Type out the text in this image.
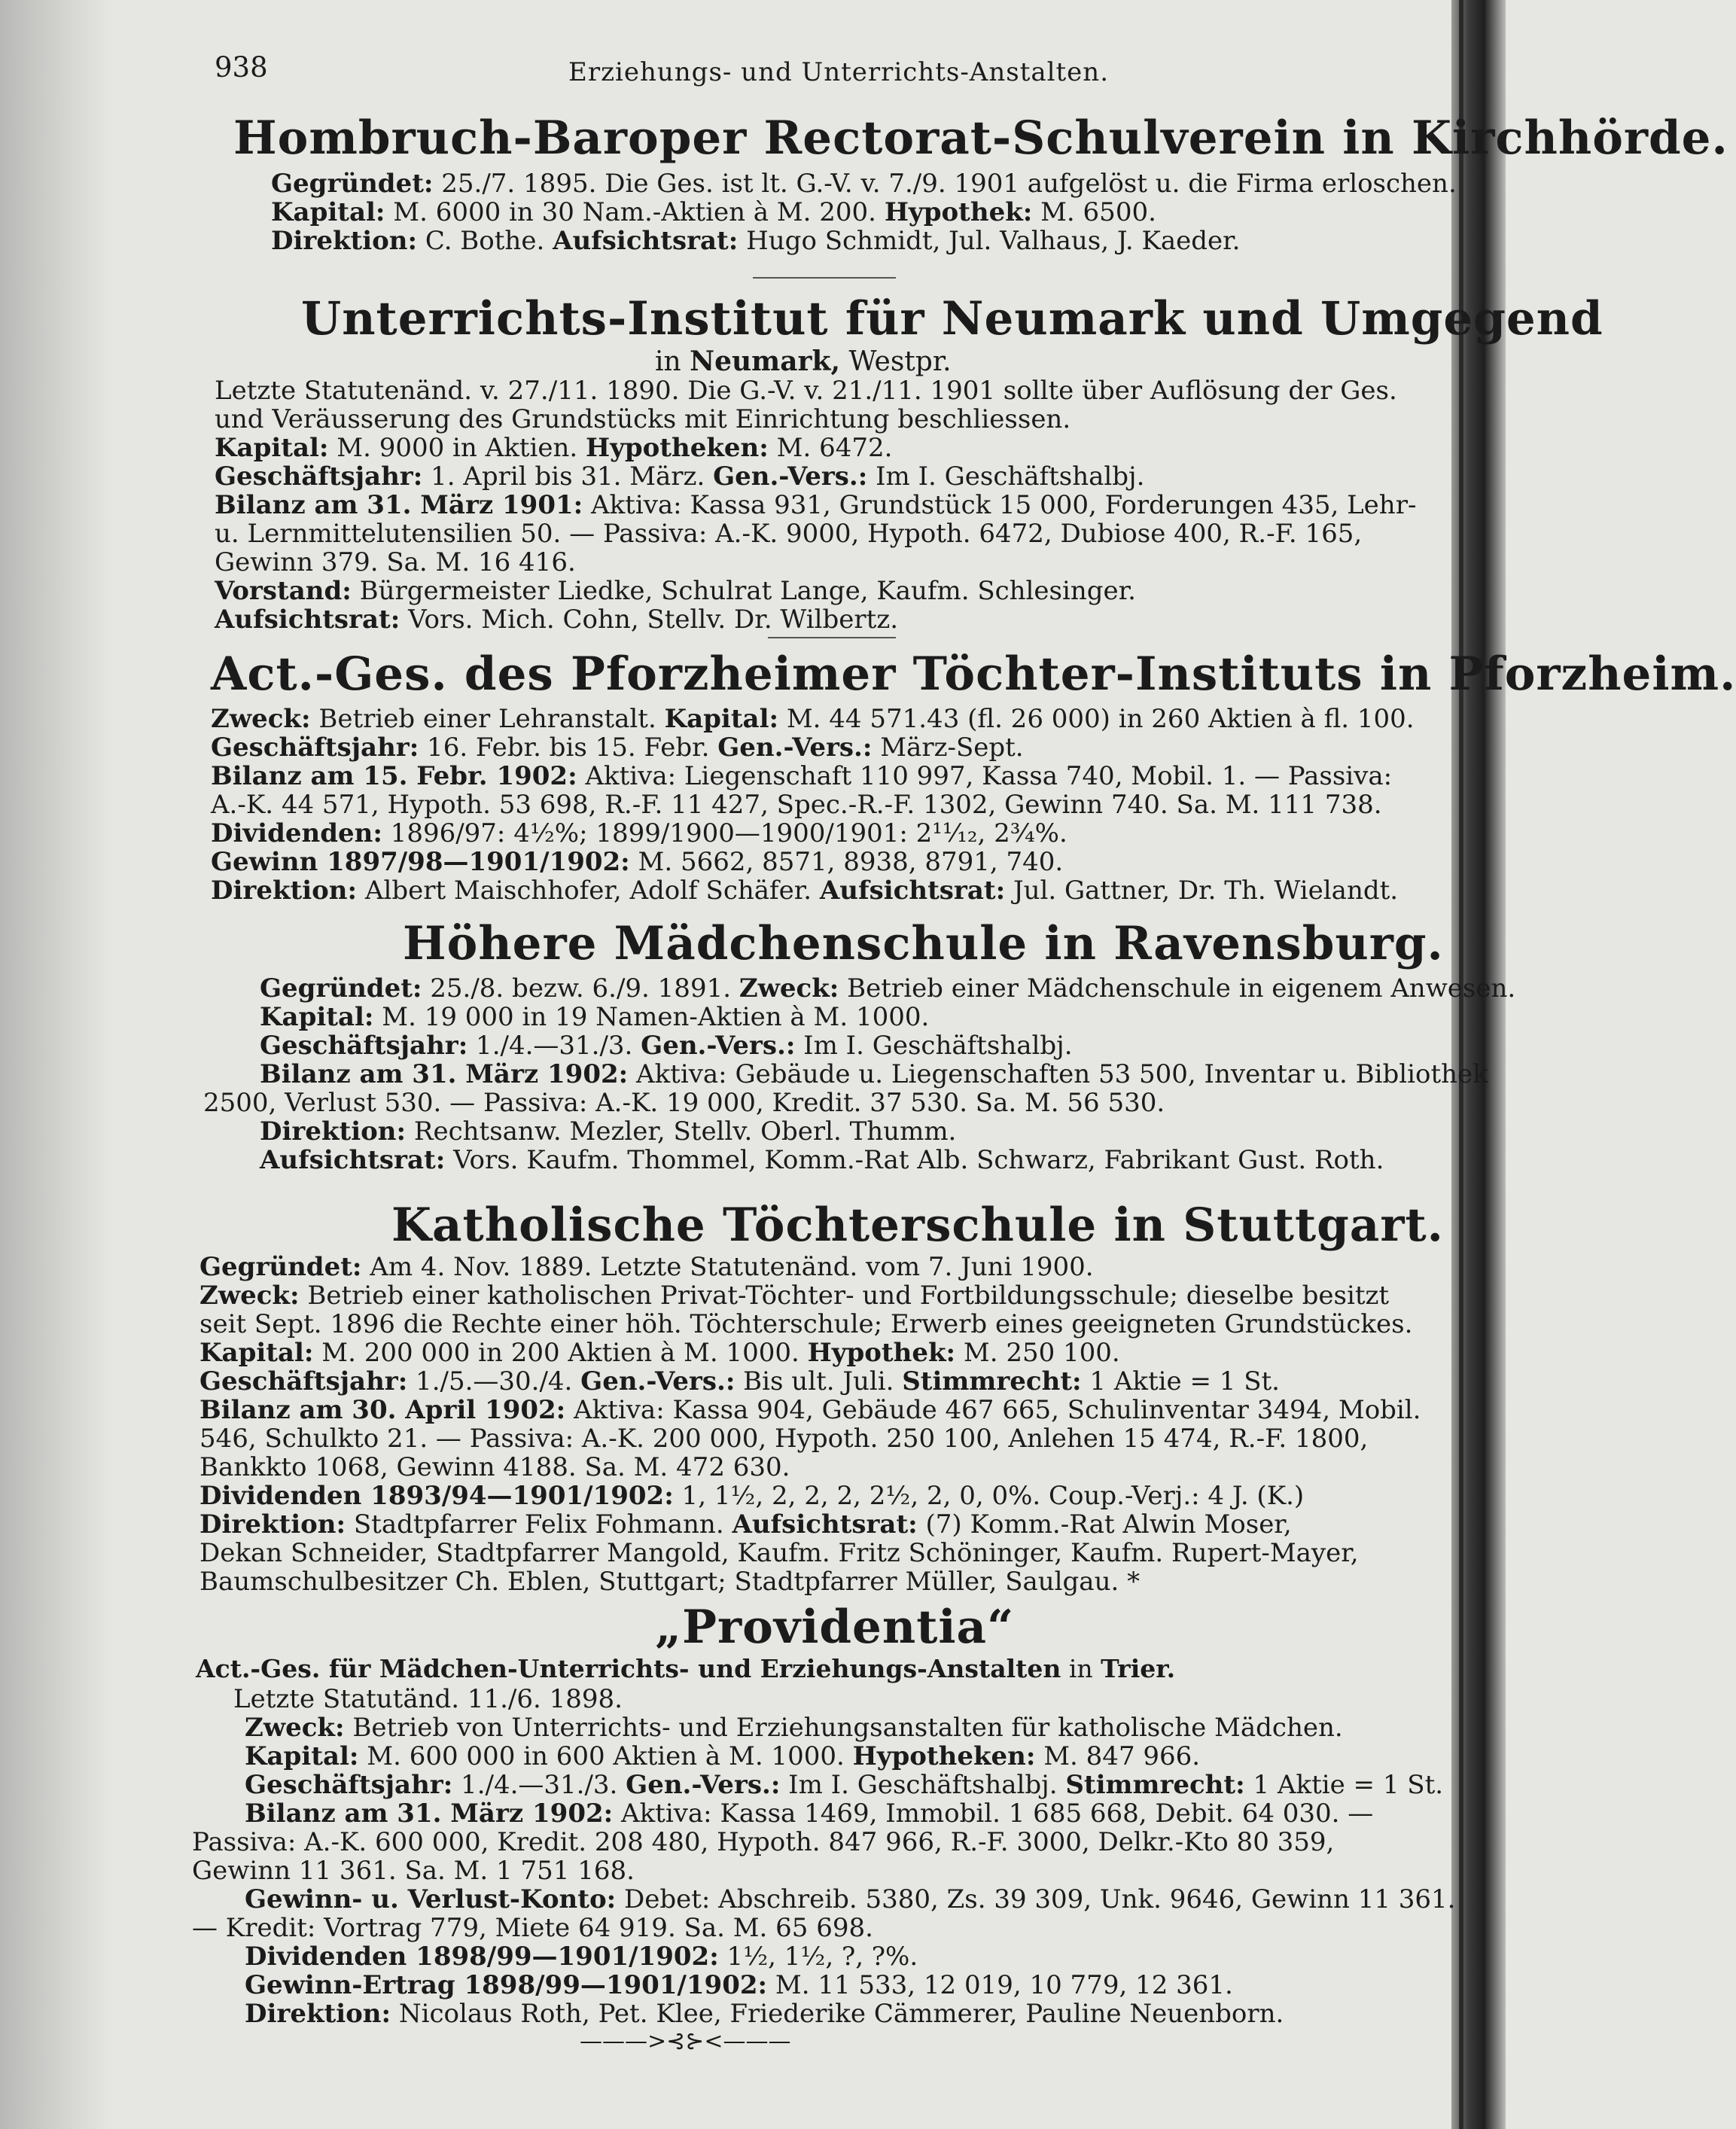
938	Erziehungs- und Unterrichts-Anstalten.
Hombruch-Baroper Rectorat-Schulverein in Kirchhörde.
Gegründet: 25./7. 1895. Die Ges. ist lt. G.-V. v. 7./9. 1901 aufgelöst u. die Firma erloschen.
Kapital: M. 6000 in 30 Nam.-Aktien à M. 200. Hypothek: M. 6500.
Direktion: C. Bothe. Aufsichtsrat: Hugo Schmidt, Jul. Valhaus, J. Kaeder.
Unterrichts-Institut für Neumark und Umgegend
in Neumark, Westpr.
Letzte Statutenänd. v. 27./11. 1890. Die G.-V. v. 21./11. 1901 sollte über Auflösung der Ges.
und Veräusserung des Grundstücks mit Einrichtung beschliessen.
Kapital: M. 9000 in Aktien. Hypotheken: M. 6472.
Geschäftsjahr: 1. April bis 31. März. Gen.-Vers.: Im I. Geschäftshalbj.
Bilanz am 31. März 1901: Aktiva: Kassa 931, Grundstück 15 000, Forderungen 435, Lehr-
u. Lernmittelutensilien 50. — Passiva: A.-K. 9000, Hypoth. 6472, Dubiose 400, R.-F. 165,
Gewinn 379. Sa. M. 16 416.
Vorstand: Bürgermeister Liedke, Schulrat Lange, Kaufm. Schlesinger.
Aufsichtsrat: Vors. Mich. Cohn, Stellv. Dr. Wilbertz.
Act.-Ges. des Pforzheimer Töchter-Instituts in Pforzheim.
Zweck: Betrieb einer Lehranstalt. Kapital: M. 44 571.43 (fl. 26 000) in 260 Aktien à fl. 100.
Geschäftsjahr: 16. Febr. bis 15. Febr. Gen.-Vers.: März-Sept.
Bilanz am 15. Febr. 1902: Aktiva: Liegenschaft 110 997, Kassa 740, Mobil. 1. — Passiva:
A.-K. 44 571, Hypoth. 53 698, R.-F. 11 427, Spec.-R.-F. 1302, Gewinn 740. Sa. M. 111 738.
Dividenden: 1896/97: 4½%; 1899/1900—1900/1901: 2¹¹⁄₁₂, 2¾%.
Gewinn 1897/98—1901/1902: M. 5662, 8571, 8938, 8791, 740.
Direktion: Albert Maischhofer, Adolf Schäfer. Aufsichtsrat: Jul. Gattner, Dr. Th. Wielandt.
Höhere Mädchenschule in Ravensburg.
Gegründet: 25./8. bezw. 6./9. 1891. Zweck: Betrieb einer Mädchenschule in eigenem Anwesen.
Kapital: M. 19 000 in 19 Namen-Aktien à M. 1000.
Geschäftsjahr: 1./4.—31./3. Gen.-Vers.: Im I. Geschäftshalbj.
Bilanz am 31. März 1902: Aktiva: Gebäude u. Liegenschaften 53 500, Inventar u. Bibliothek
2500, Verlust 530. — Passiva: A.-K. 19 000, Kredit. 37 530. Sa. M. 56 530.
Direktion: Rechtsanw. Mezler, Stellv. Oberl. Thumm.
Aufsichtsrat: Vors. Kaufm. Thommel, Komm.-Rat Alb. Schwarz, Fabrikant Gust. Roth.
Katholische Töchterschule in Stuttgart.
Gegründet: Am 4. Nov. 1889. Letzte Statutenänd. vom 7. Juni 1900.
Zweck: Betrieb einer katholischen Privat-Töchter- und Fortbildungsschule; dieselbe besitzt
seit Sept. 1896 die Rechte einer höh. Töchterschule; Erwerb eines geeigneten Grundstückes.
Kapital: M. 200 000 in 200 Aktien à M. 1000. Hypothek: M. 250 100.
Geschäftsjahr: 1./5.—30./4. Gen.-Vers.: Bis ult. Juli. Stimmrecht: 1 Aktie = 1 St.
Bilanz am 30. April 1902: Aktiva: Kassa 904, Gebäude 467 665, Schulinventar 3494, Mobil.
546, Schulkto 21. — Passiva: A.-K. 200 000, Hypoth. 250 100, Anlehen 15 474, R.-F. 1800,
Bankkto 1068, Gewinn 4188. Sa. M. 472 630.
Dividenden 1893/94—1901/1902: 1, 1½, 2, 2, 2, 2½, 2, 0, 0%. Coup.-Verj.: 4 J. (K.)
Direktion: Stadtpfarrer Felix Fohmann. Aufsichtsrat: (7) Komm.-Rat Alwin Moser,
Dekan Schneider, Stadtpfarrer Mangold, Kaufm. Fritz Schöninger, Kaufm. Rupert-Mayer,
Baumschulbesitzer Ch. Eblen, Stuttgart; Stadtpfarrer Müller, Saulgau. *
„Providentia“
Act.-Ges. für Mädchen-Unterrichts- und Erziehungs-Anstalten in Trier.
Letzte Statutänd. 11./6. 1898.
Zweck: Betrieb von Unterrichts- und Erziehungsanstalten für katholische Mädchen.
Kapital: M. 600 000 in 600 Aktien à M. 1000. Hypotheken: M. 847 966.
Geschäftsjahr: 1./4.—31./3. Gen.-Vers.: Im I. Geschäftshalbj. Stimmrecht: 1 Aktie = 1 St.
Bilanz am 31. März 1902: Aktiva: Kassa 1469, Immobil. 1 685 668, Debit. 64 030. —
Passiva: A.-K. 600 000, Kredit. 208 480, Hypoth. 847 966, R.-F. 3000, Delkr.-Kto 80 359,
Gewinn 11 361. Sa. M. 1 751 168.
Gewinn- u. Verlust-Konto: Debet: Abschreib. 5380, Zs. 39 309, Unk. 9646, Gewinn 11 361.
— Kredit: Vortrag 779, Miete 64 919. Sa. M. 65 698.
Dividenden 1898/99—1901/1902: 1½, 1½, ?, ?%.
Gewinn-Ertrag 1898/99—1901/1902: M. 11 533, 12 019, 10 779, 12 361.
Direktion: Nicolaus Roth, Pet. Klee, Friederike Cämmerer, Pauline Neuenborn.
———>⊰⊱<———
